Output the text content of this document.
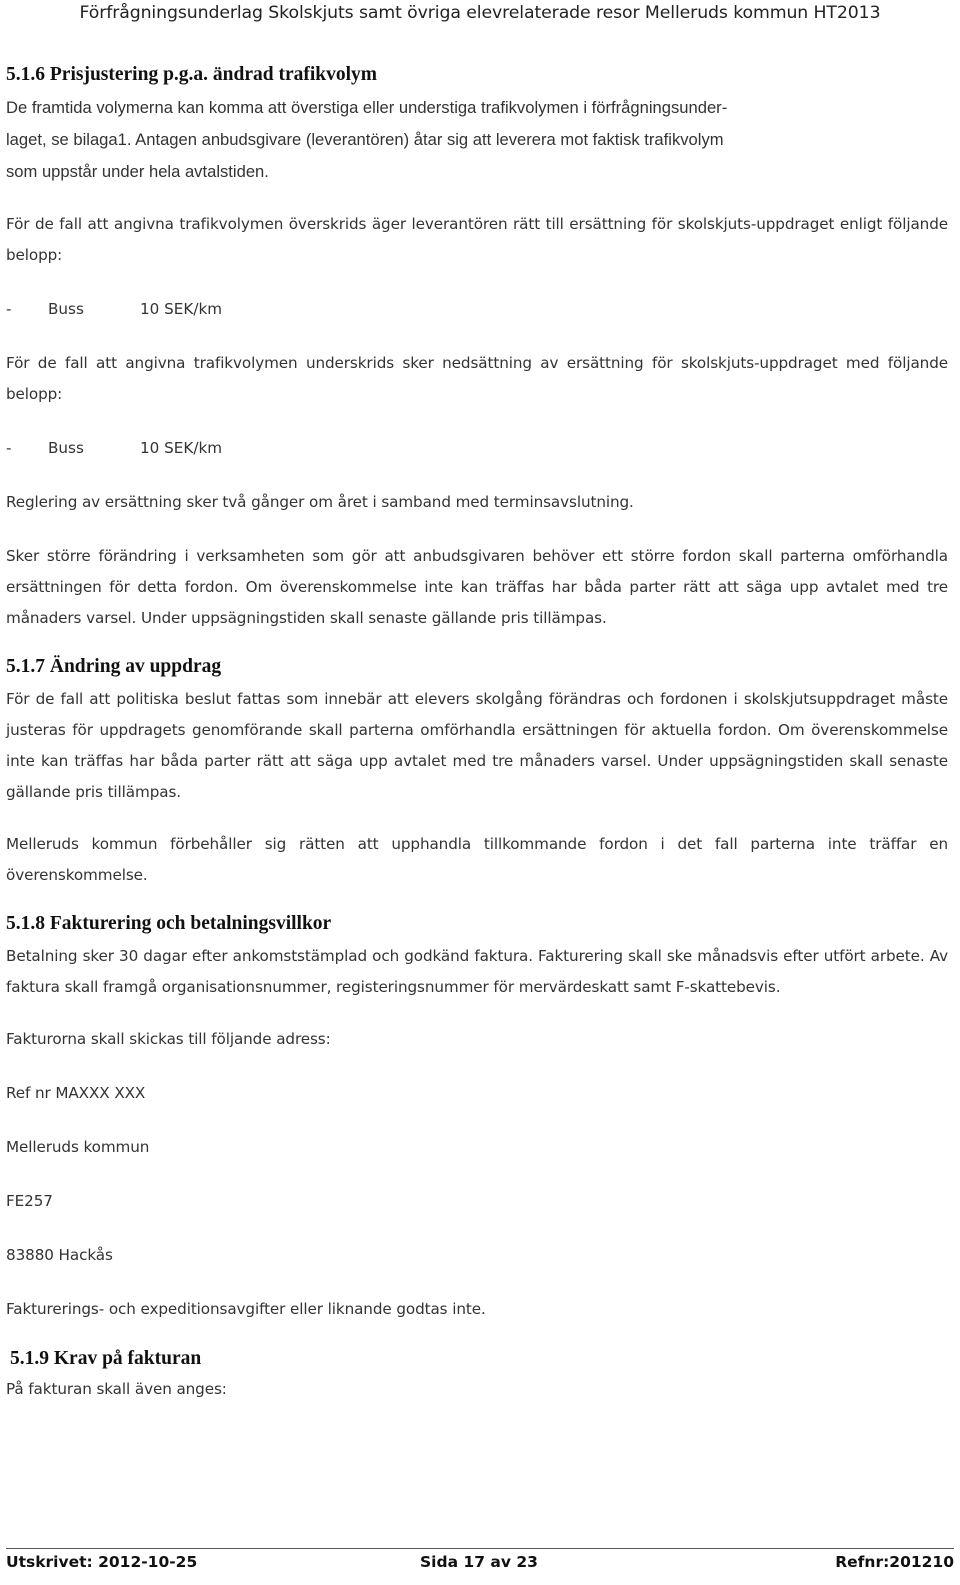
Förfrågningsunderlag Skolskjuts samt övriga elevrelaterade resor Melleruds kommun HT2013
5.1.6 Prisjustering p.g.a. ändrad trafikvolym

De framtida volymerna kan komma att överstiga eller understiga trafikvolymen i förfrågningsunder-

laget, se bilaga1. Antagen anbudsgivare (leverantören) åtar sig att leverera mot faktisk trafikvolym

som uppstår under hela avtalstiden.

För de fall att angivna trafikvolymen överskrids äger leverantören rätt till ersättning för skolskjuts-uppdraget enligt följande belopp:

- Buss	10 SEK/km

För de fall att angivna trafikvolymen underskrids sker nedsättning av ersättning för skolskjuts-uppdraget med följande belopp:

- Buss	10 SEK/km

Reglering av ersättning sker två gånger om året i samband med terminsavslutning.

Sker större förändring i verksamheten som gör att anbudsgivaren behöver ett större fordon skall parterna omförhandla ersättningen för detta fordon. Om överenskommelse inte kan träffas har båda parter rätt att säga upp avtalet med tre månaders varsel. Under uppsägningstiden skall senaste gällande pris tillämpas.

5.1.7 Ändring av uppdrag

För de fall att politiska beslut fattas som innebär att elevers skolgång förändras och fordonen i skolskjutsuppdraget måste justeras för uppdragets genomförande skall parterna omförhandla ersättningen för aktuella fordon. Om överenskommelse inte kan träffas har båda parter rätt att säga upp avtalet med tre månaders varsel. Under uppsägningstiden skall senaste gällande pris tillämpas.

Melleruds kommun förbehåller sig rätten att upphandla tillkommande fordon i det fall parterna inte träffar en överenskommelse.

5.1.8 Fakturering och betalningsvillkor

Betalning sker 30 dagar efter ankomststämplad och godkänd faktura. Fakturering skall ske månadsvis efter utfört arbete. Av faktura skall framgå organisationsnummer, registeringsnummer för mervärdeskatt samt F-skattebevis.

Fakturorna skall skickas till följande adress:

Ref nr MAXXX XXX

Melleruds kommun

FE257

83880 Hackås

Fakturerings- och expeditionsavgifter eller liknande godtas inte.

5.1.9 Krav på fakturan

På fakturan skall även anges:

Utskrivet: 2012-10-25	Sida 17 av 23	Refnr:201210
